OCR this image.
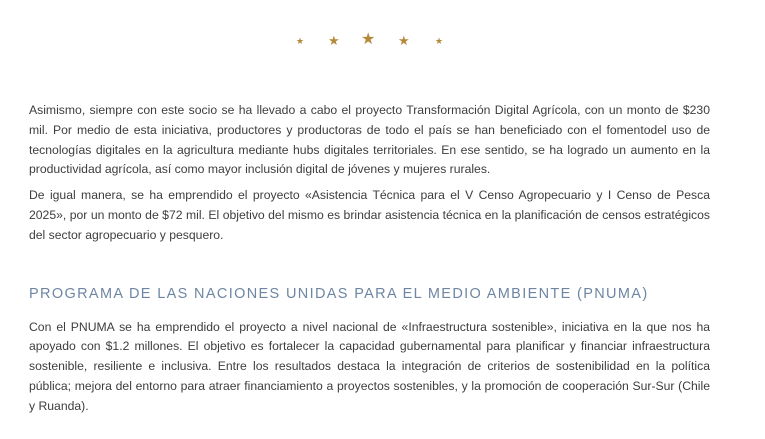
★ ★ ★ ★	★

Asimismo, siempre con este socio se ha llevado a cabo el proyecto Transformación Digital Agrícola, con un monto de $230 mil. Por medio de esta iniciativa, productores y productoras de todo el país se han beneficiado con el fomentodel uso de tecnologías digitales en la agricultura mediante hubs digitales territoriales. En ese sentido, se ha logrado un aumento en la productividad agrícola, así como mayor inclusión digital de jóvenes y mujeres rurales.

De igual manera, se ha emprendido el proyecto «Asistencia Técnica para el V Censo Agropecuario y I Censo de Pesca 2025», por un monto de $72 mil. El objetivo del mismo es brindar asistencia técnica en la planificación de censos estratégicos del sector agropecuario y pesquero.

PROGRAMA DE LAS NACIONES UNIDAS PARA EL MEDIO AMBIENTE (PNUMA)

Con el PNUMA se ha emprendido el proyecto a nivel nacional de «Infraestructura sostenible», iniciativa en la que nos ha apoyado con $1.2 millones. El objetivo es fortalecer la capacidad gubernamental para planificar y financiar infraestructura sostenible, resiliente e inclusiva. Entre los resultados destaca la integración de criterios de sostenibilidad en la política pública; mejora del entorno para atraer financiamiento a proyectos sostenibles, y la promoción de cooperación Sur-Sur (Chile y Ruanda).
